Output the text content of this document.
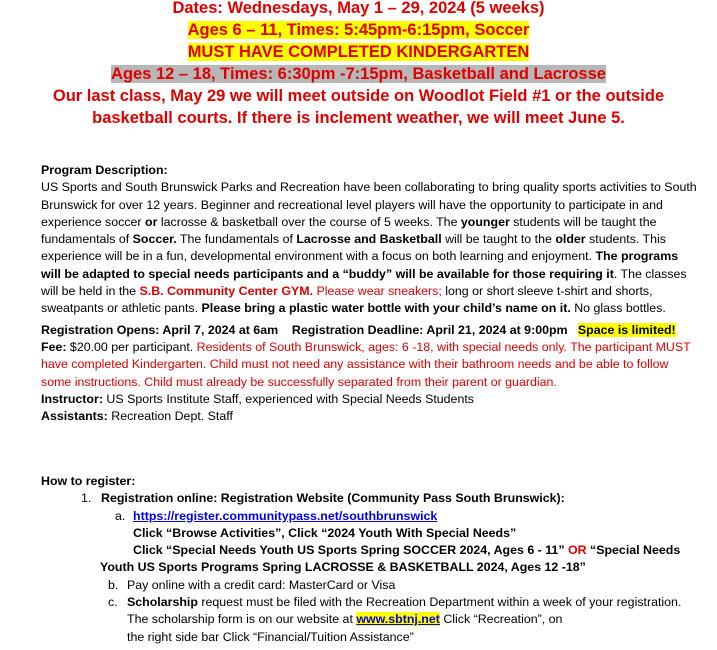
Dates: Wednesdays, May 1 – 29, 2024 (5 weeks)
Ages 6 – 11, Times: 5:45pm-6:15pm, Soccer
MUST HAVE COMPLETED KINDERGARTEN
Ages 12 – 18, Times: 6:30pm -7:15pm, Basketball and Lacrosse
Our last class, May 29 we will meet outside on Woodlot Field #1 or the outside
basketball courts. If there is inclement weather, we will meet June 5.

Program Description:

US Sports and South Brunswick Parks and Recreation have been collaborating to bring quality sports activities to South Brunswick for over 12 years. Beginner and recreational level players will have the opportunity to participate in and experience soccer or lacrosse & basketball over the course of 5 weeks. The younger students will be taught the fundamentals of Soccer. The fundamentals of Lacrosse and Basketball will be taught to the older students. This experience will be in a fun, developmental environment with a focus on both learning and enjoyment. The programs will be adapted to special needs participants and a “buddy” will be available for those requiring it. The classes will be held in the S.B. Community Center GYM. Please wear sneakers; long or short sleeve t-shirt and shorts, sweatpants or athletic pants. Please bring a plastic water bottle with your child’s name on it. No glass bottles.

Registration Opens: April 7, 2024 at 6am Registration Deadline: April 21, 2024 at 9:00pm Space is limited!

Fee: $20.00 per participant. Residents of South Brunswick, ages: 6 -18, with special needs only. The participant MUST have completed Kindergarten. Child must not need any assistance with their bathroom needs and be able to follow some instructions. Child must already be successfully separated from their parent or guardian.

Instructor: US Sports Institute Staff, experienced with Special Needs Students

Assistants: Recreation Dept. Staff

How to register:

1. Registration online: Registration Website (Community Pass South Brunswick):
a. https://register.communitypass.net/southbrunswick
Click “Browse Activities”, Click “2024 Youth With Special Needs”
Click “Special Needs Youth US Sports Spring SOCCER 2024, Ages 6 - 11” OR “Special Needs
Youth US Sports Programs Spring LACROSSE & BASKETBALL 2024, Ages 12 -18”
b. Pay online with a credit card: MasterCard or Visa
c. Scholarship request must be filed with the Recreation Department within a week of your registration. The scholarship form is on our website at www.sbtnj.net Click “Recreation”, on
the right side bar Click “Financial/Tuition Assistance”
